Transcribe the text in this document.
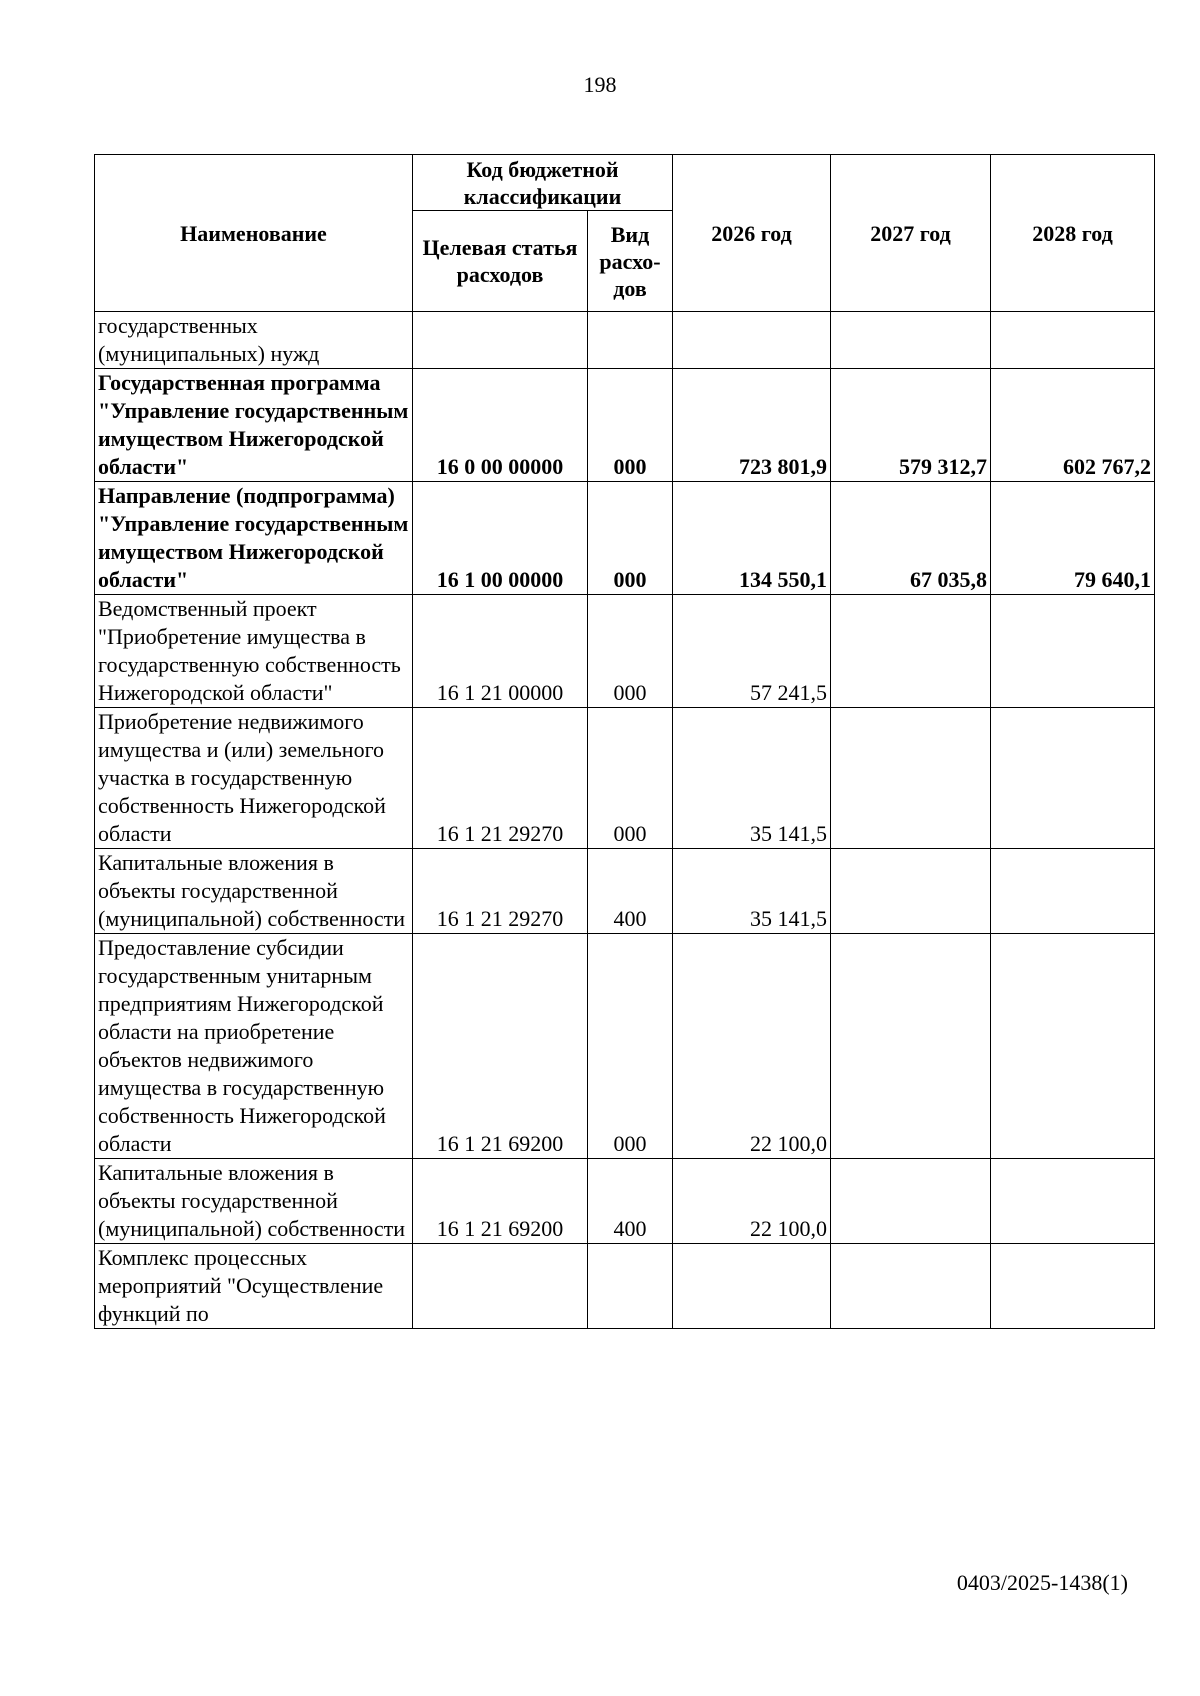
198
Наименование	Код бюджетной классификации		2026 год	2027 год	2028 год
	Целевая статья расходов	Вид расхо-дов			
государственных (муниципальных) нужд					
Государственная программа "Управление государственным имуществом Нижегородской области"	16 0 00 00000	000	723 801,9	579 312,7	602 767,2
Направление (подпрограмма) "Управление государственным имуществом Нижегородской области"	16 1 00 00000	000	134 550,1	67 035,8	79 640,1
Ведомственный проект "Приобретение имущества в государственную собственность Нижегородской области"	16 1 21 00000	000	57 241,5		
Приобретение недвижимого имущества и (или) земельного участка в государственную собственность Нижегородской области	16 1 21 29270	000	35 141,5		
Капитальные вложения в объекты государственной (муниципальной) собственности	16 1 21 29270	400	35 141,5		
Предоставление субсидии государственным унитарным предприятиям Нижегородской области на приобретение объектов недвижимого имущества в государственную собственность Нижегородской области	16 1 21 69200	000	22 100,0		
Капитальные вложения в объекты государственной (муниципальной) собственности	16 1 21 69200	400	22 100,0		
Комплекс процессных мероприятий "Осуществление функций по					
0403/2025-1438(1)
